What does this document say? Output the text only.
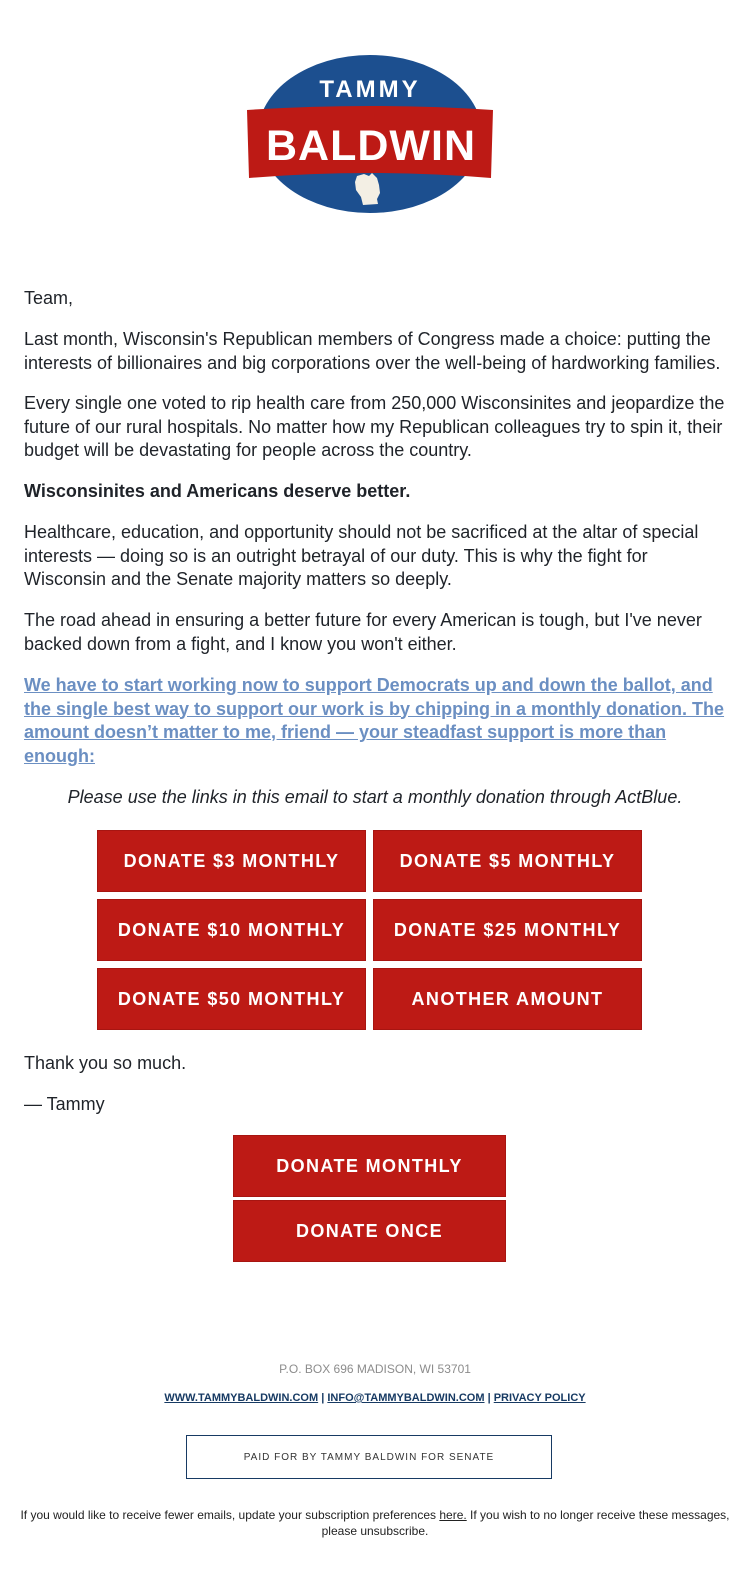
TAMMY
BALDWIN

Team,

Last month, Wisconsin's Republican members of Congress made a choice: putting the interests of billionaires and big corporations over the well-being of hardworking families.

Every single one voted to rip health care from 250,000 Wisconsinites and jeopardize the future of our rural hospitals. No matter how my Republican colleagues try to spin it, their budget will be devastating for people across the country.

Wisconsinites and Americans deserve better.

Healthcare, education, and opportunity should not be sacrificed at the altar of special interests — doing so is an outright betrayal of our duty. This is why the fight for Wisconsin and the Senate majority matters so deeply.

The road ahead in ensuring a better future for every American is tough, but I've never backed down from a fight, and I know you won't either.

We have to start working now to support Democrats up and down the ballot, and the single best way to support our work is by chipping in a monthly donation. The amount doesn’t matter to me, friend — your steadfast support is more than enough:

Please use the links in this email to start a monthly donation through ActBlue.

DONATE $3 MONTHLY	DONATE $5 MONTHLY
DONATE $10 MONTHLY	DONATE $25 MONTHLY
DONATE $50 MONTHLY	ANOTHER AMOUNT

Thank you so much.

— Tammy

DONATE MONTHLY
DONATE ONCE
P.O. BOX 696 MADISON, WI 53701
WWW.TAMMYBALDWIN.COM | INFO@TAMMYBALDWIN.COM | PRIVACY POLICY
PAID FOR BY TAMMY BALDWIN FOR SENATE
If you would like to receive fewer emails, update your subscription preferences here. If you wish to no longer receive these messages, please unsubscribe.
